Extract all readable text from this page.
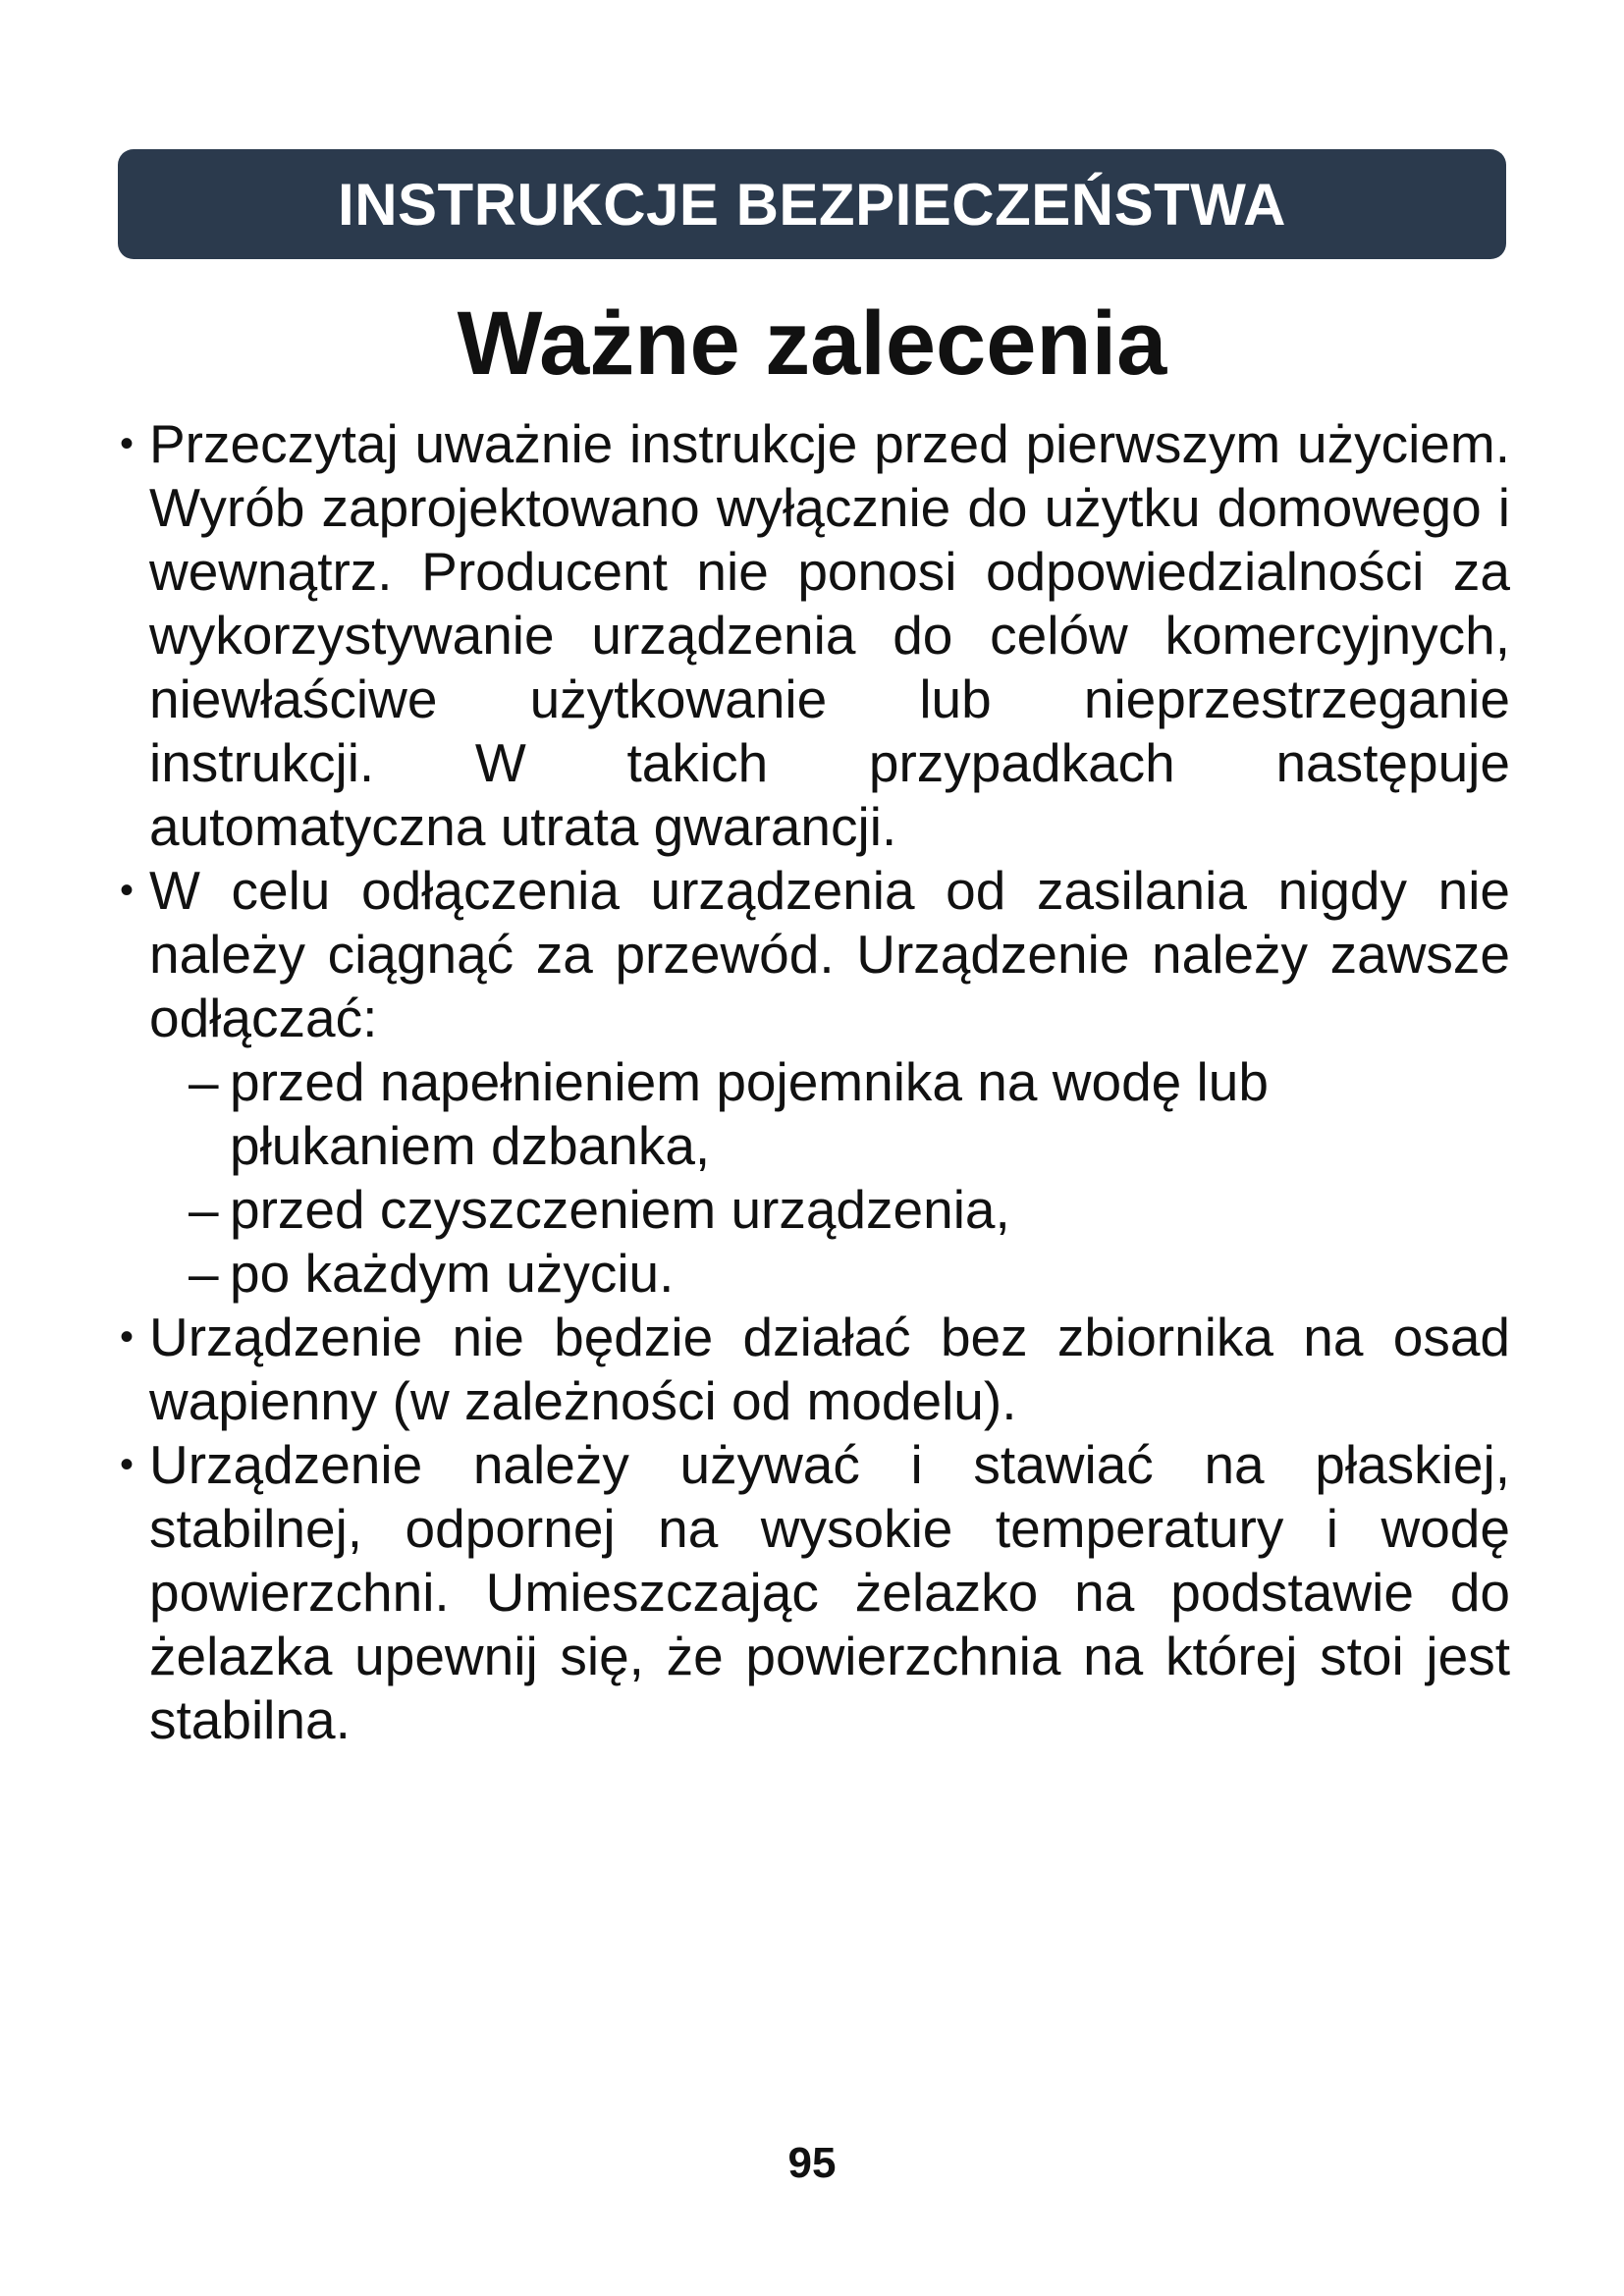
INSTRUKCJE BEZPIECZEŃSTWA
Ważne zalecenia

• Przeczytaj uważnie instrukcje przed pierwszym użyciem. Wyrób zaprojektowano wyłącznie do użytku domowego i wewnątrz. Producent nie ponosi odpowiedzialności za wykorzystywanie urządzenia do celów komercyjnych, niewłaściwe użytkowanie lub nieprzestrzeganie instrukcji. W takich przypadkach następuje automatyczna utrata gwarancji.

• W celu odłączenia urządzenia od zasilania nigdy nie należy ciągnąć za przewód. Urządzenie należy zawsze odłączać:

– przed napełnieniem pojemnika na wodę lub płukaniem dzbanka,

– przed czyszczeniem urządzenia,

– po każdym użyciu.

• Urządzenie nie będzie działać bez zbiornika na osad wapienny (w zależności od modelu).

• Urządzenie należy używać i stawiać na płaskiej, stabilnej, odpornej na wysokie temperatury i wodę powierzchni. Umieszczając żelazko na podstawie do żelazka upewnij się, że powierzchnia na której stoi jest stabilna.

95
